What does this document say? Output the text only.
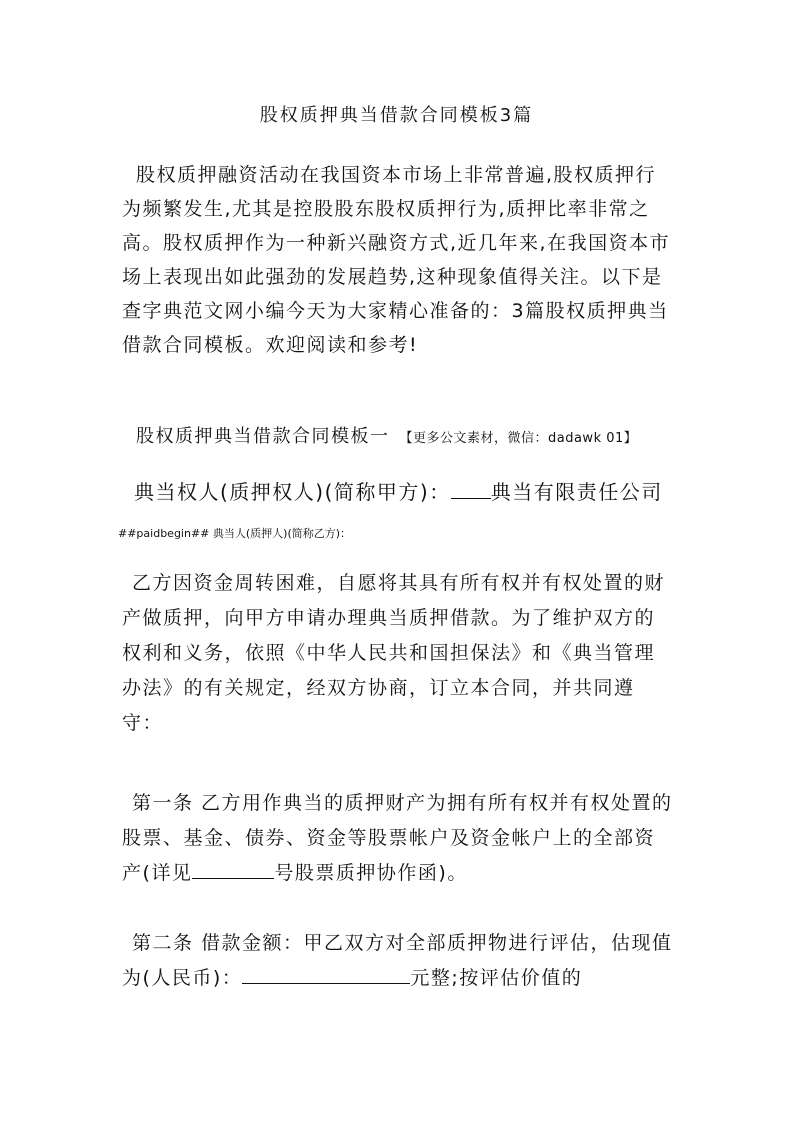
股权质押典当借款合同模板3篇

股权质押融资活动在我国资本市场上非常普遍,股权质押行为频繁发生,尤其是控股股东股权质押行为,质押比率非常之高。股权质押作为一种新兴融资方式,近几年来,在我国资本市场上表现出如此强劲的发展趋势,这种现象值得关注。以下是查字典范文网小编今天为大家精心准备的：3篇股权质押典当借款合同模板。欢迎阅读和参考!

股权质押典当借款合同模板一 【更多公文素材，微信：dadawk 01】
典当权人(质押权人)(简称甲方)： 典当有限责任公司
##paidbegin## 典当人(质押人)(简称乙方)：

乙方因资金周转困难，自愿将其具有所有权并有权处置的财产做质押，向甲方申请办理典当质押借款。为了维护双方的权利和义务，依照《中华人民共和国担保法》和《典当管理办法》的有关规定，经双方协商，订立本合同，并共同遵守：

第一条 乙方用作典当的质押财产为拥有所有权并有权处置的股票、基金、债券、资金等股票帐户及资金帐户上的全部资产(详见	号股票质押协作函)。

第二条 借款金额：甲乙双方对全部质押物进行评估，估现值为(人民币)：	元整;按评估价值的
